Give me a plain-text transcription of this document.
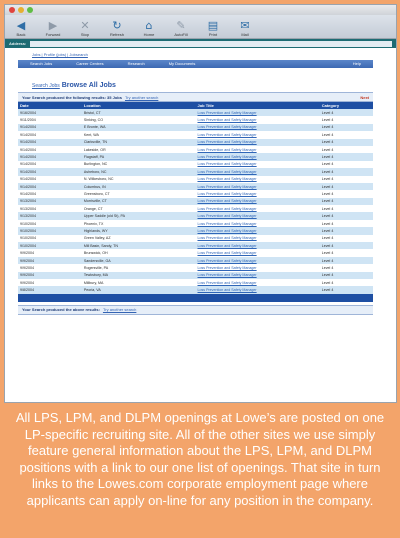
◀
Back
▶
Forward
✕
Stop
↻
Refresh
⌂
Home
✎
AutoFill
▤
Print
✉
Mail
Address:
Jobs | Profile (jobs) | Jobsearch
Search Jobs	Career Centres	Research	My Documents	Help
Search Jobs Browse All Jobs
Your Search produced the following results: 35 Jobs Try another search	Next
Date	Location	Job Title	Category
9/16/2004	Bristol, CT	Loss Prevention and Safety Manager	Level 4
9/11/2004	Sinking, CO	Loss Prevention and Safety Manager	Level 4
9/14/2004	E Bronte, WA	Loss Prevention and Safety Manager	Level 4
9/14/2004	Kent, WA	Loss Prevention and Safety Manager	Level 4
9/14/2004	Clarksville, TN	Loss Prevention and Safety Manager	Level 4
9/14/2004	Lakeside, OR	Loss Prevention and Safety Manager	Level 4
9/14/2004	Flagstaff, PA	Loss Prevention and Safety Manager	Level 4
9/14/2004	Burlington, NC	Loss Prevention and Safety Manager	Level 4
9/14/2004	Asheboro, NC	Loss Prevention and Safety Manager	Level 4
9/14/2004	N. Wilkesboro, NC	Loss Prevention and Safety Manager	Level 4
9/14/2004	Columbus, IN	Loss Prevention and Safety Manager	Level 4
9/14/2004	Greensboro, CT	Loss Prevention and Safety Manager	Level 4
9/13/2004	Morrisville, CT	Loss Prevention and Safety Manager	Level 4
9/13/2004	Orange, CT	Loss Prevention and Safety Manager	Level 4
9/13/2004	Upper Saddle (old St), PA	Loss Prevention and Safety Manager	Level 4
9/10/2004	Phoenix, TX	Loss Prevention and Safety Manager	Level 4
9/10/2004	Highlands, WY	Loss Prevention and Safety Manager	Level 4
9/10/2004	Green Valley, AZ	Loss Prevention and Safety Manager	Level 4
9/10/2004	Mill Basin, Sandy, TN	Loss Prevention and Safety Manager	Level 4
9/9/2004	Brunswick, OH	Loss Prevention and Safety Manager	Level 4
9/9/2004	Sandersville, GA	Loss Prevention and Safety Manager	Level 4
9/9/2004	Rogersville, PA	Loss Prevention and Safety Manager	Level 4
9/9/2004	Tewksbury, MA	Loss Prevention and Safety Manager	Level 4
9/9/2004	Millbury, MA	Loss Prevention and Safety Manager	Level 4
9/8/2004	Peoria, VA	Loss Prevention and Safety Manager	Level 4
Your Search produced the above results: Try another search
All LPS, LPM, and DLPM openings at Lowe’s are posted on one LP-specific recruiting site. All of the other sites we use simply feature general information about the LPS, LPM, and DLPM positions with a link to our one list of openings. That site in turn links to the Lowes.com corporate employment page where applicants can apply on-line for any position in the company.
